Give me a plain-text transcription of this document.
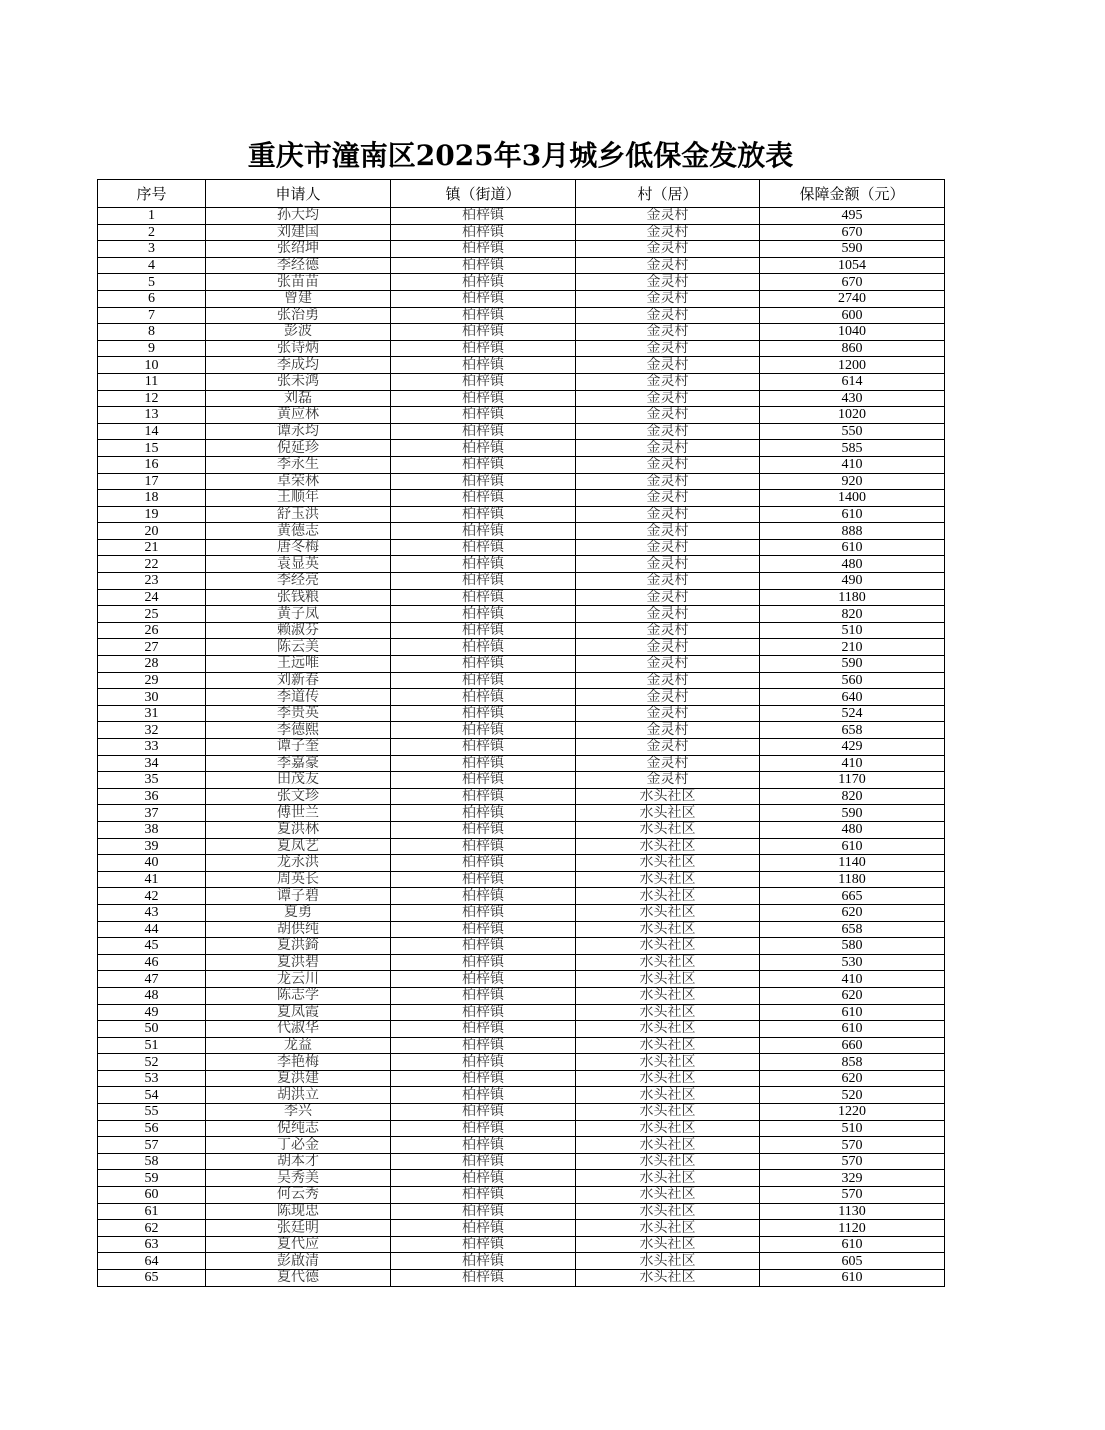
重庆市潼南区2025年3月城乡低保金发放表
序号	申请人	镇（街道）	村（居）	保障金额（元）
1	孙大均	柏梓镇	金灵村	495
2	刘建国	柏梓镇	金灵村	670
3	张绍坤	柏梓镇	金灵村	590
4	李经德	柏梓镇	金灵村	1054
5	张苗苗	柏梓镇	金灵村	670
6	曾建	柏梓镇	金灵村	2740
7	张治勇	柏梓镇	金灵村	600
8	彭波	柏梓镇	金灵村	1040
9	张诗炳	柏梓镇	金灵村	860
10	李成均	柏梓镇	金灵村	1200
11	张未鸿	柏梓镇	金灵村	614
12	刘磊	柏梓镇	金灵村	430
13	黄应林	柏梓镇	金灵村	1020
14	谭永均	柏梓镇	金灵村	550
15	倪延珍	柏梓镇	金灵村	585
16	李永生	柏梓镇	金灵村	410
17	卓荣林	柏梓镇	金灵村	920
18	王顺年	柏梓镇	金灵村	1400
19	舒玉洪	柏梓镇	金灵村	610
20	黄德志	柏梓镇	金灵村	888
21	唐冬梅	柏梓镇	金灵村	610
22	袁显英	柏梓镇	金灵村	480
23	李经亮	柏梓镇	金灵村	490
24	张钱粮	柏梓镇	金灵村	1180
25	黄子凤	柏梓镇	金灵村	820
26	赖淑芬	柏梓镇	金灵村	510
27	陈云美	柏梓镇	金灵村	210
28	王远唯	柏梓镇	金灵村	590
29	刘新春	柏梓镇	金灵村	560
30	李道传	柏梓镇	金灵村	640
31	李贵英	柏梓镇	金灵村	524
32	李德熙	柏梓镇	金灵村	658
33	谭子奎	柏梓镇	金灵村	429
34	李嘉豪	柏梓镇	金灵村	410
35	田茂友	柏梓镇	金灵村	1170
36	张文珍	柏梓镇	水头社区	820
37	傅世兰	柏梓镇	水头社区	590
38	夏洪林	柏梓镇	水头社区	480
39	夏凤艺	柏梓镇	水头社区	610
40	龙永洪	柏梓镇	水头社区	1140
41	周英长	柏梓镇	水头社区	1180
42	谭子碧	柏梓镇	水头社区	665
43	夏勇	柏梓镇	水头社区	620
44	胡供纯	柏梓镇	水头社区	658
45	夏洪錡	柏梓镇	水头社区	580
46	夏洪碧	柏梓镇	水头社区	530
47	龙云川	柏梓镇	水头社区	410
48	陈志学	柏梓镇	水头社区	620
49	夏凤霞	柏梓镇	水头社区	610
50	代淑华	柏梓镇	水头社区	610
51	龙益	柏梓镇	水头社区	660
52	李艳梅	柏梓镇	水头社区	858
53	夏洪建	柏梓镇	水头社区	620
54	胡洪立	柏梓镇	水头社区	520
55	李兴	柏梓镇	水头社区	1220
56	倪纯志	柏梓镇	水头社区	510
57	丁必金	柏梓镇	水头社区	570
58	胡本才	柏梓镇	水头社区	570
59	吴秀美	柏梓镇	水头社区	329
60	何云秀	柏梓镇	水头社区	570
61	陈现忠	柏梓镇	水头社区	1130
62	张廷明	柏梓镇	水头社区	1120
63	夏代应	柏梓镇	水头社区	610
64	彭啟清	柏梓镇	水头社区	605
65	夏代德	柏梓镇	水头社区	610
